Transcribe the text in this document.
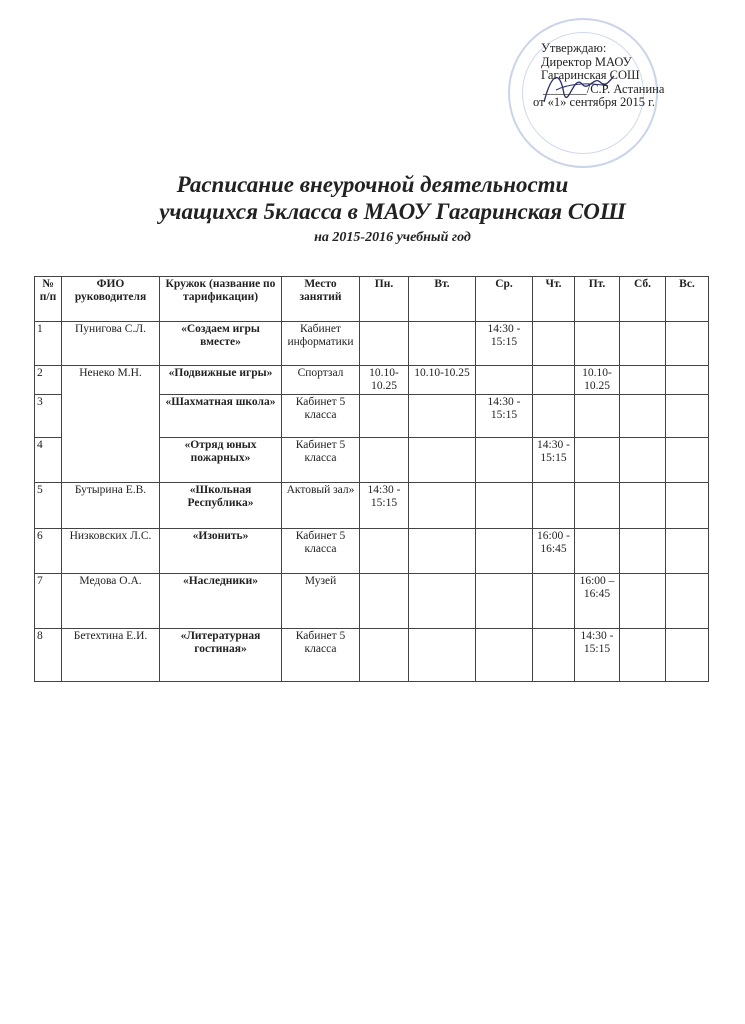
Утверждаю:
Директор МАОУ
Гагаринская СОШ
_______/С.Р. Астанина
от «1» сентября 2015 г.
Расписание внеурочной деятельности
учащихся 5класса в МАОУ Гагаринская СОШ
на 2015-2016 учебный год
№ п/п	ФИО руководителя	Кружок (название по тарификации)	Место занятий	Пн.	Вт.	Ср.	Чт.	Пт.	Сб.	Вс.
1	Пунигова С.Л.	«Создаем игры вместе»	Кабинет информатики			14:30 - 15:15				
2	Ненеко М.Н.	«Подвижные игры»	Спортзал	10.10-10.25	10.10-10.25			10.10-10.25		
3		«Шахматная школа»	Кабинет 5 класса			14:30 - 15:15				
4		«Отряд юных пожарных»	Кабинет 5 класса				14:30 - 15:15			
5	Бутырина Е.В.	«Школьная Республика»	Актовый зал»	14:30 - 15:15						
6	Низковских Л.С.	«Изонить»	Кабинет 5 класса				16:00 - 16:45			
7	Медова О.А.	«Наследники»	Музей					16:00 – 16:45		
8	Бетехтина Е.И.	«Литературная гостиная»	Кабинет 5 класса					14:30 - 15:15		
